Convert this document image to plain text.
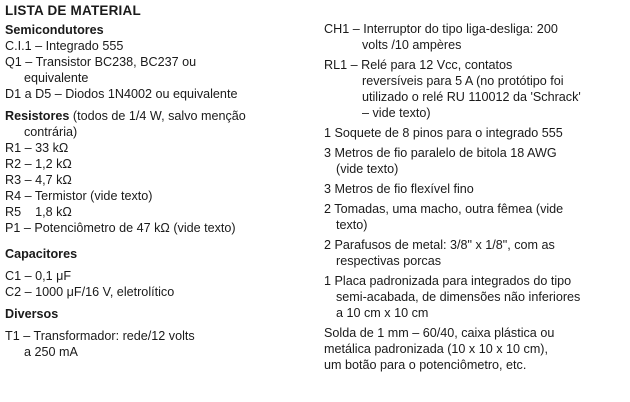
LISTA DE MATERIAL
Semicondutores
C.I.1 – Integrado 555
Q1 – Transistor BC238, BC237 ou
equivalente
D1 a D5 – Diodos 1N4002 ou equivalente
Resistores (todos de 1/4 W, salvo menção
contrária)
R1 – 33 kΩ
R2 – 1,2 kΩ
R3 – 4,7 kΩ
R4 – Termistor (vide texto)
R5    1,8 kΩ
P1 – Potenciômetro de 47 kΩ (vide texto)
Capacitores
C1 – 0,1 μF
C2 – 1000 μF/16 V, eletrolítico
Diversos
T1 – Transformador: rede/12 volts
a 250 mA
CH1 – Interruptor do tipo liga-desliga: 200
volts /10 ampères
RL1 – Relé para 12 Vcc, contatos
reversíveis para 5 A (no protótipo foi
utilizado o relé RU 110012 da 'Schrack'
– vide texto)
1 Soquete de 8 pinos para o integrado 555
3 Metros de fio paralelo de bitola 18 AWG
(vide texto)
3 Metros de fio flexível fino
2 Tomadas, uma macho, outra fêmea (vide
texto)
2 Parafusos de metal: 3/8" x 1/8", com as
respectivas porcas
1 Placa padronizada para integrados do tipo
semi-acabada, de dimensões não inferiores
a 10 cm x 10 cm
Solda de 1 mm – 60/40, caixa plástica ou
metálica padronizada (10 x 10 x 10 cm),
um botão para o potenciômetro, etc.
